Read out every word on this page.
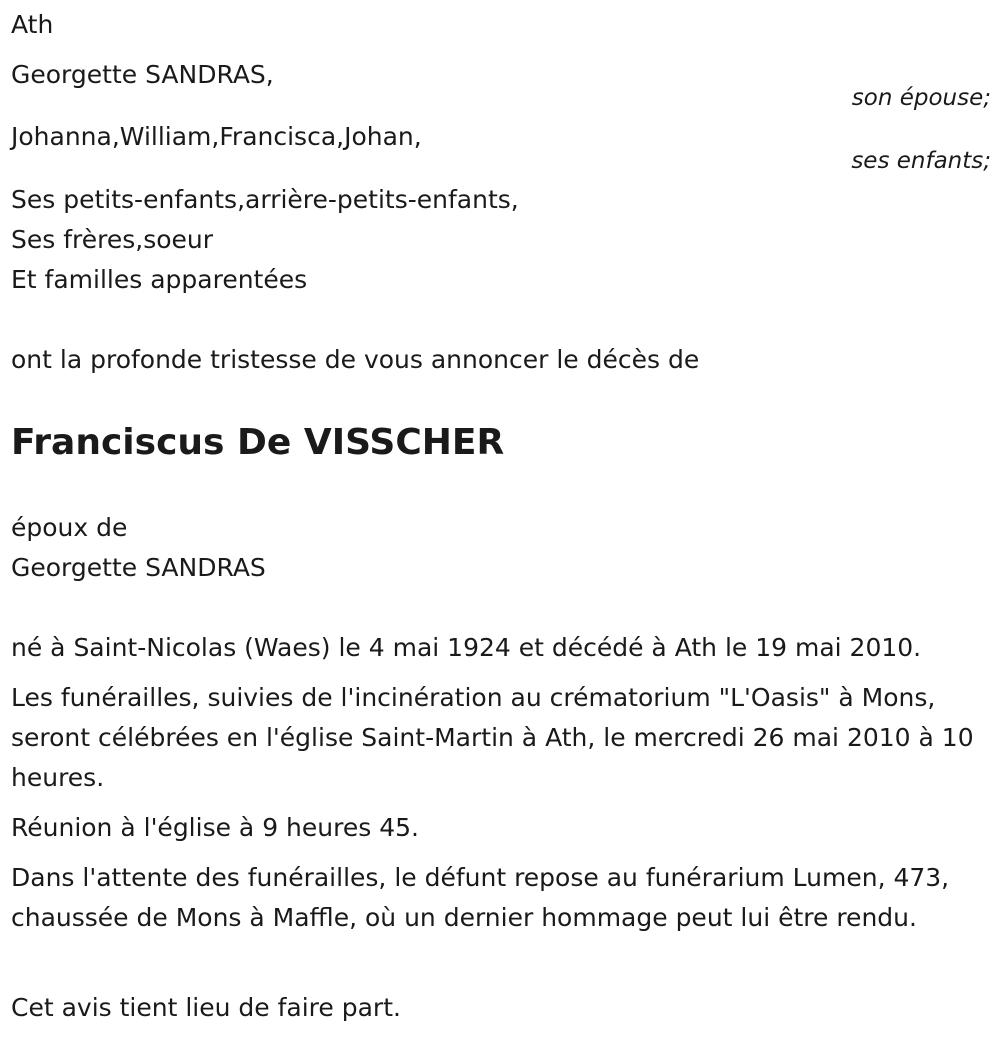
Ath
Georgette SANDRAS,
son épouse;
Johanna,William,Francisca,Johan,
ses enfants;
Ses petits-enfants,arrière-petits-enfants,
Ses frères,soeur
Et familles apparentées
ont la profonde tristesse de vous annoncer le décès de
Franciscus De VISSCHER
époux de
Georgette SANDRAS
né à Saint-Nicolas (Waes) le 4 mai 1924 et décédé à Ath le 19 mai 2010.
Les funérailles, suivies de l'incinération au crématorium "L'Oasis" à Mons, seront célébrées en l'église Saint-Martin à Ath, le mercredi 26 mai 2010 à 10 heures.
Réunion à l'église à 9 heures 45.
Dans l'attente des funérailles, le défunt repose au funérarium Lumen, 473, chaussée de Mons à Maffle, où un dernier hommage peut lui être rendu.
Cet avis tient lieu de faire part.
